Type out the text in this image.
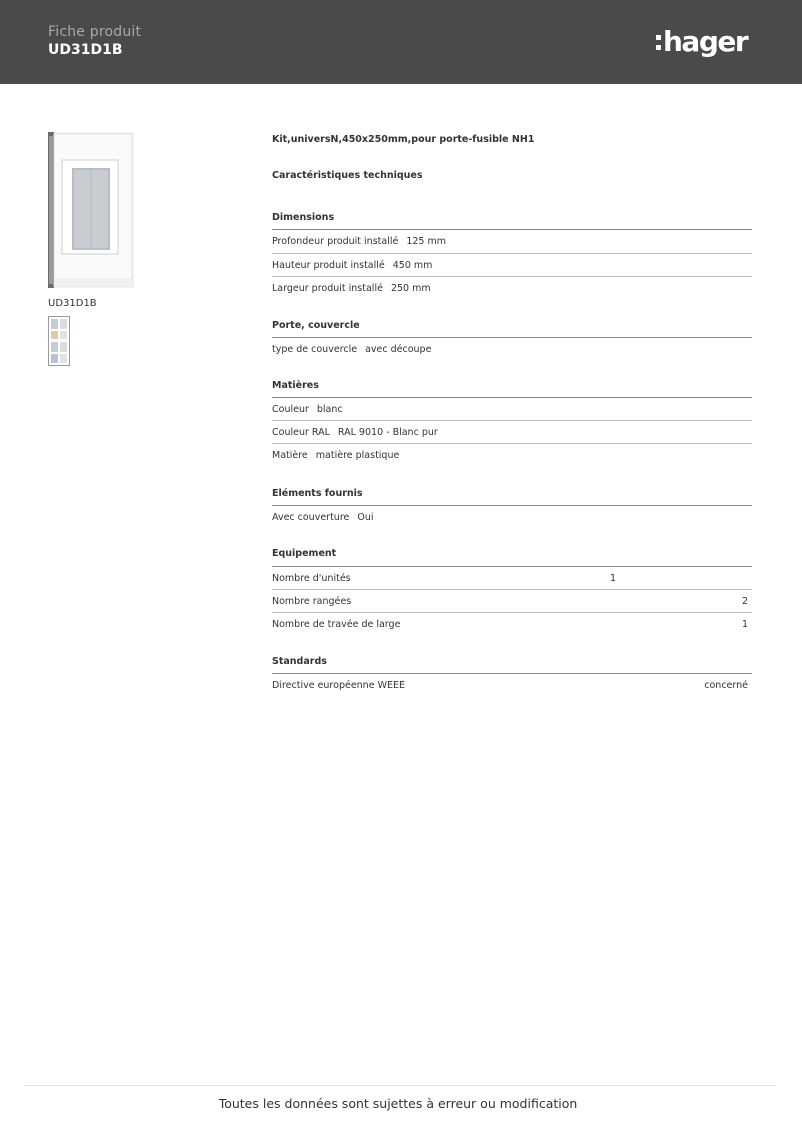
Fiche produit
UD31D1B	hager
UD31D1B
Kit,universN,450x250mm,pour porte-fusible NH1
Caractéristiques techniques
Dimensions
Profondeur produit installé 125 mm
Hauteur produit installé 450 mm
Largeur produit installé 250 mm
Porte, couvercle
type de couvercle avec découpe
Matières
Couleur blanc
Couleur RAL RAL 9010 - Blanc pur
Matière matière plastique
Eléments fournis
Avec couverture Oui
Equipement
Nombre d'unités	1
Nombre rangées	2
Nombre de travée de large	1
Standards
Directive européenne WEEE	concerné
Toutes les données sont sujettes à erreur ou modification
